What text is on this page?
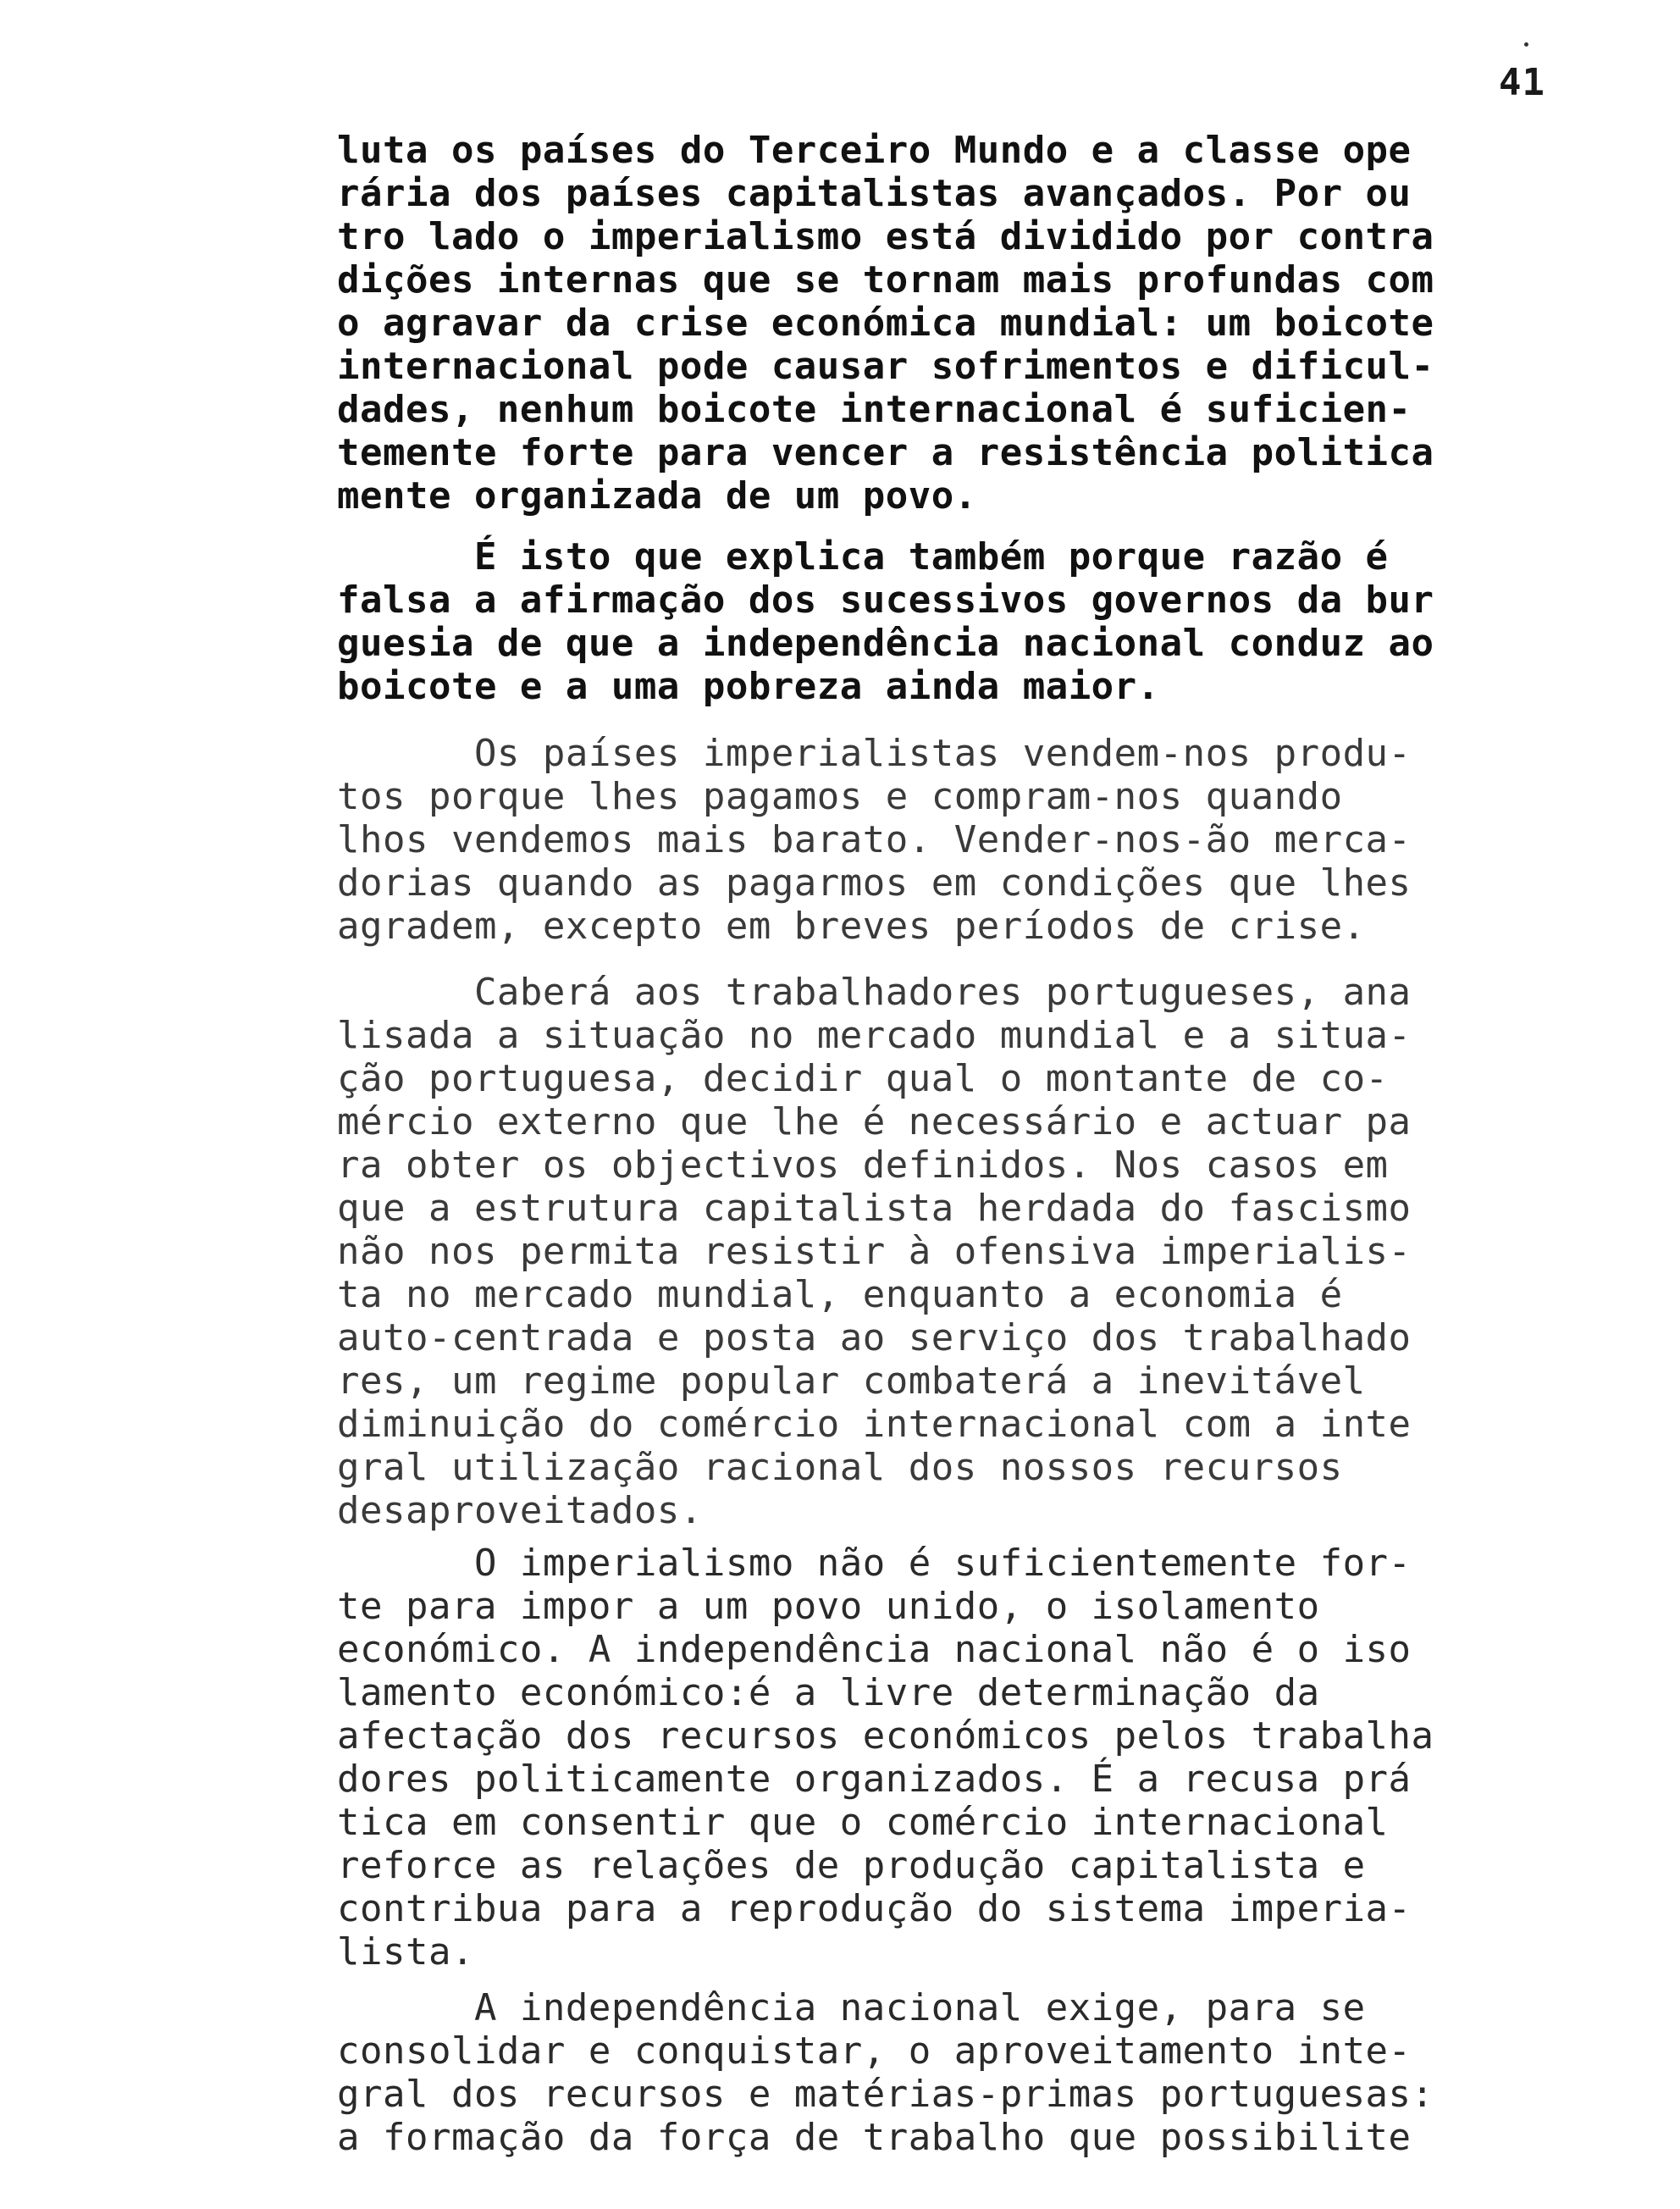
41
luta os países do Terceiro Mundo e a classe ope
rária dos países capitalistas avançados. Por ou
tro lado o imperialismo está dividido por contra
dições internas que se tornam mais profundas com
o agravar da crise económica mundial: um boicote
internacional pode causar sofrimentos e dificul-
dades, nenhum boicote internacional é suficien-
temente forte para vencer a resistência politica
mente organizada de um povo.
É isto que explica também porque razão é
falsa a afirmação dos sucessivos governos da bur
guesia de que a independência nacional conduz ao
boicote e a uma pobreza ainda maior.
Os países imperialistas vendem-nos produ-
tos porque lhes pagamos e compram-nos quando
lhos vendemos mais barato. Vender-nos-ão merca-
dorias quando as pagarmos em condições que lhes
agradem, excepto em breves períodos de crise.
Caberá aos trabalhadores portugueses, ana
lisada a situação no mercado mundial e a situa-
ção portuguesa, decidir qual o montante de co-
mércio externo que lhe é necessário e actuar pa
ra obter os objectivos definidos. Nos casos em
que a estrutura capitalista herdada do fascismo
não nos permita resistir à ofensiva imperialis-
ta no mercado mundial, enquanto a economia é
auto-centrada e posta ao serviço dos trabalhado
res, um regime popular combaterá a inevitável
diminuição do comércio internacional com a inte
gral utilização racional dos nossos recursos
desaproveitados.
O imperialismo não é suficientemente for-
te para impor a um povo unido, o isolamento
económico. A independência nacional não é o iso
lamento económico:é a livre determinação da
afectação dos recursos económicos pelos trabalha
dores politicamente organizados. É a recusa prá
tica em consentir que o comércio internacional
reforce as relações de produção capitalista e
contribua para a reprodução do sistema imperia-
lista.
A independência nacional exige, para se
consolidar e conquistar, o aproveitamento inte-
gral dos recursos e matérias-primas portuguesas:
a formação da força de trabalho que possibilite
